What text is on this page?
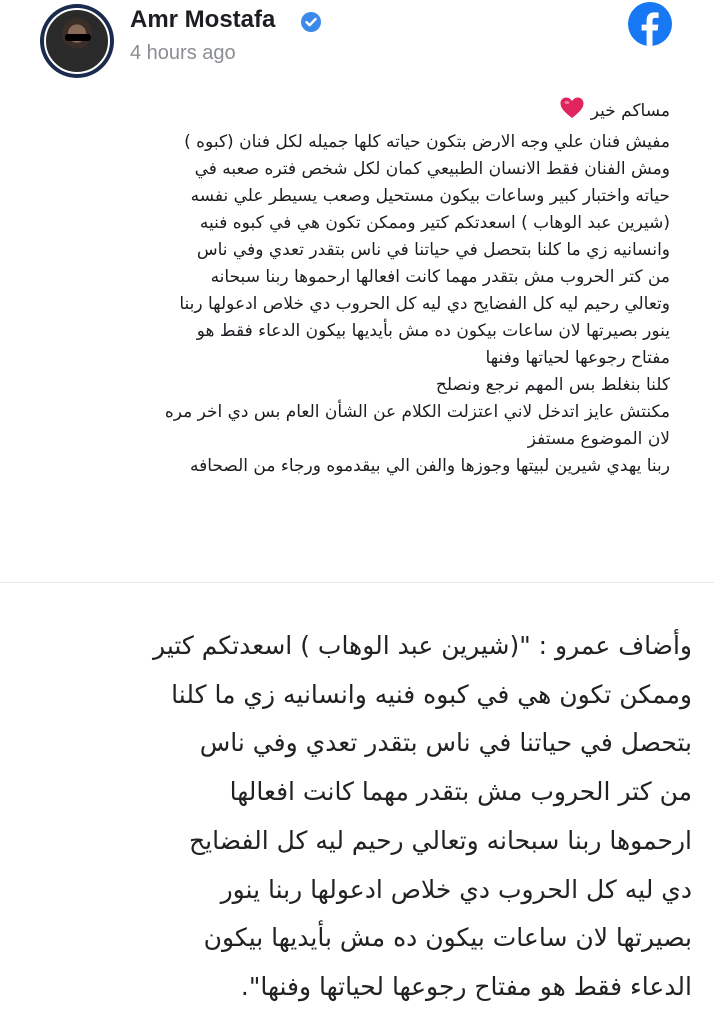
Amr Mostafa
4 hours ago
مساكم خير
مفيش فنان علي وجه الارض بتكون حياته كلها جميله لكل فنان (كبوه )
ومش الفنان فقط الانسان الطبيعي كمان لكل شخص فتره صعبه في
حياته واختبار كبير وساعات بيكون مستحيل وصعب يسيطر علي نفسه
(شيرين عبد الوهاب ) اسعدتكم كتير وممكن تكون هي في كبوه فنيه
وانسانيه زي ما كلنا بتحصل في حياتنا في ناس بتقدر تعدي وفي ناس
من كتر الحروب مش بتقدر مهما كانت افعالها ارحموها ربنا سبحانه
وتعالي رحيم ليه كل الفضايح دي ليه كل الحروب دي خلاص ادعولها ربنا
ينور بصيرتها لان ساعات بيكون ده مش بأيديها بيكون الدعاء فقط هو
مفتاح رجوعها لحياتها وفنها
كلنا بنغلط بس المهم نرجع ونصلح
مكنتش عايز اتدخل لاني اعتزلت الكلام عن الشأن العام بس دي اخر مره
لان الموضوع مستفز
ربنا يهدي شيرين لبيتها وجوزها والفن الي بيقدموه ورجاء من الصحافه
وأضاف عمرو : "(شيرين عبد الوهاب ) اسعدتكم كتير
وممكن تكون هي في كبوه فنيه وانسانيه زي ما كلنا
بتحصل في حياتنا في ناس بتقدر تعدي وفي ناس
من كتر الحروب مش بتقدر مهما كانت افعالها
ارحموها ربنا سبحانه وتعالي رحيم ليه كل الفضايح
دي ليه كل الحروب دي خلاص ادعولها ربنا ينور
بصيرتها لان ساعات بيكون ده مش بأيديها بيكون
الدعاء فقط هو مفتاح رجوعها لحياتها وفنها".
